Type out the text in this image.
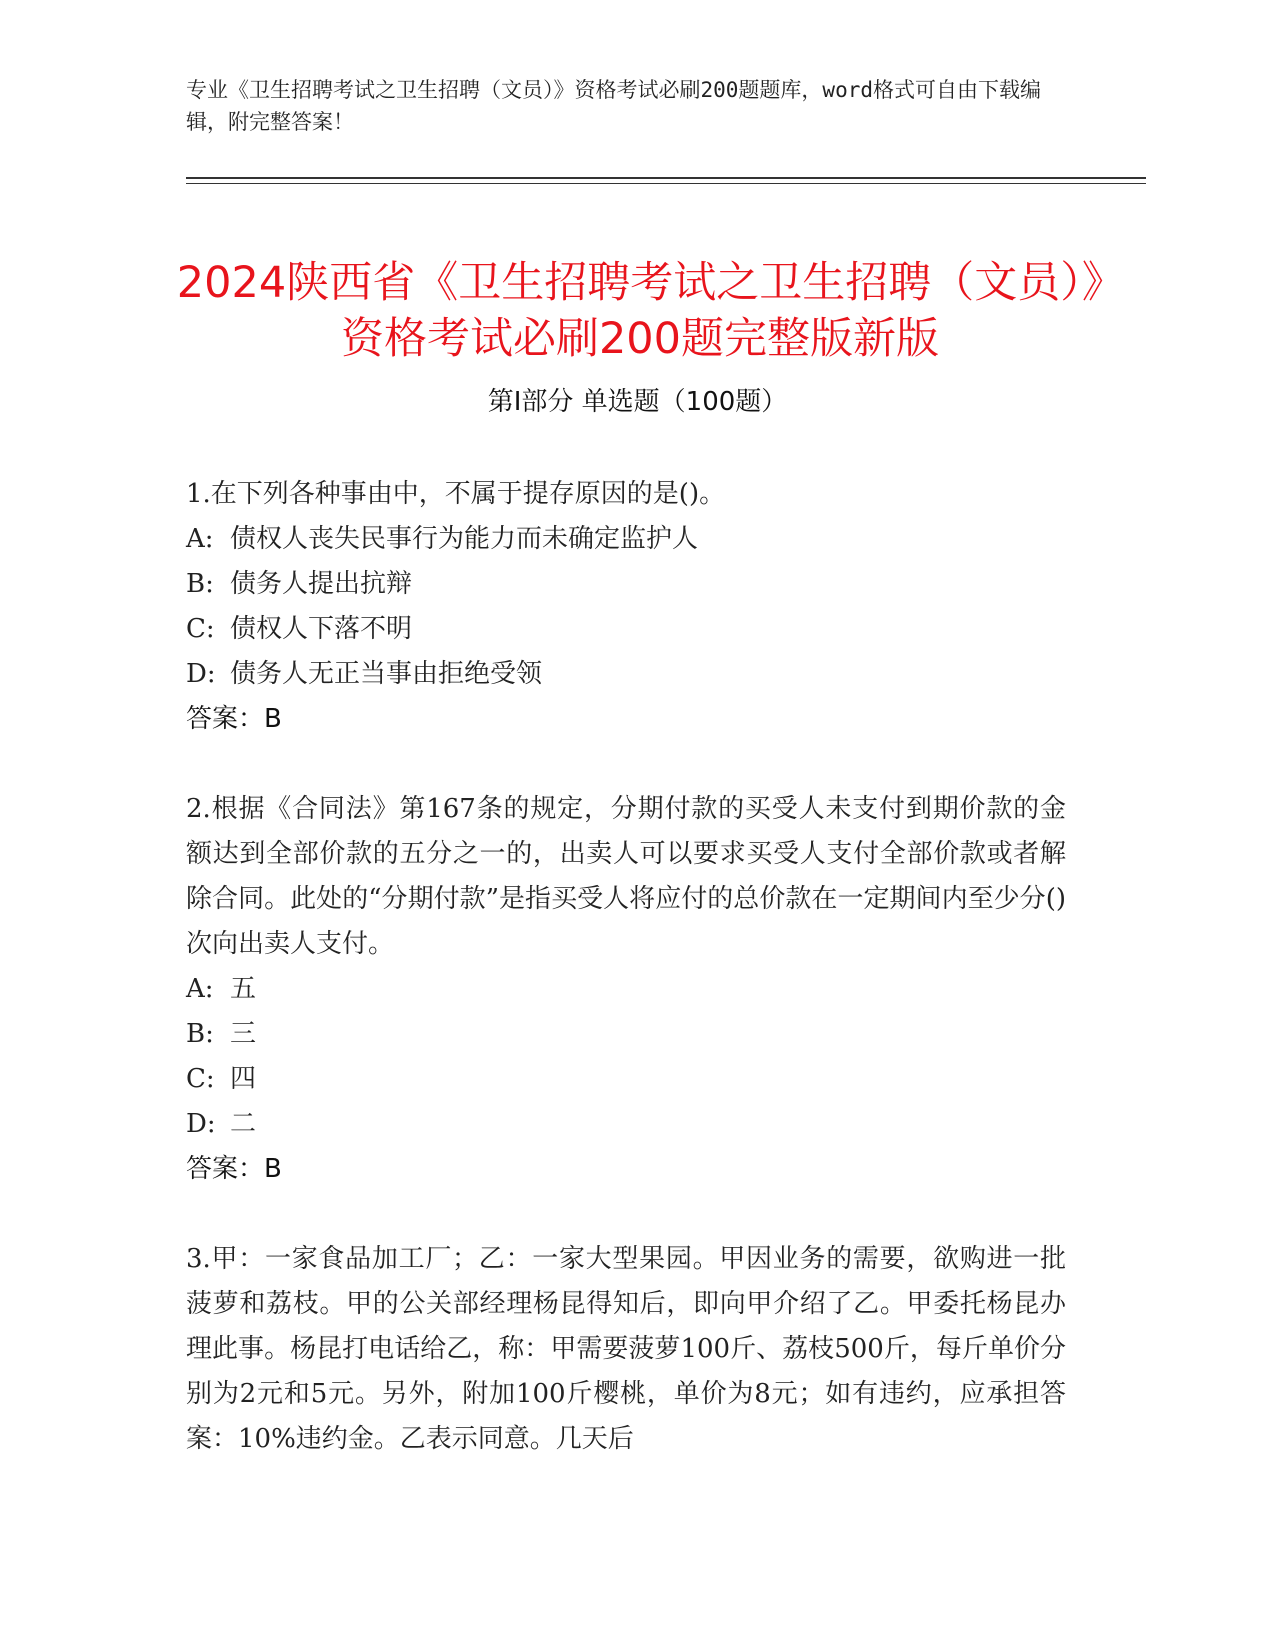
专业《卫生招聘考试之卫生招聘（文员）》资格考试必刷200题题库，word格式可自由下载编辑，附完整答案！
2024陕西省《卫生招聘考试之卫生招聘（文员）》资格考试必刷200题完整版新版
第Ⅰ部分 单选题（100题）

1.在下列各种事由中，不属于提存原因的是()。

A: 债权人丧失民事行为能力而未确定监护人

B: 债务人提出抗辩

C: 债权人下落不明

D: 债务人无正当事由拒绝受领

答案：B

2.根据《合同法》第167条的规定，分期付款的买受人未支付到期价款的金额达到全部价款的五分之一的，出卖人可以要求买受人支付全部价款或者解除合同。此处的“分期付款”是指买受人将应付的总价款在一定期间内至少分()次向出卖人支付。

A: 五

B: 三

C: 四

D: 二

答案：B

3.甲：一家食品加工厂；乙：一家大型果园。甲因业务的需要，欲购进一批菠萝和荔枝。甲的公关部经理杨昆得知后，即向甲介绍了乙。甲委托杨昆办理此事。杨昆打电话给乙，称：甲需要菠萝100斤、荔枝500斤，每斤单价分别为2元和5元。另外，附加100斤樱桃，单价为8元；如有违约，应承担答案：10%违约金。乙表示同意。几天后
